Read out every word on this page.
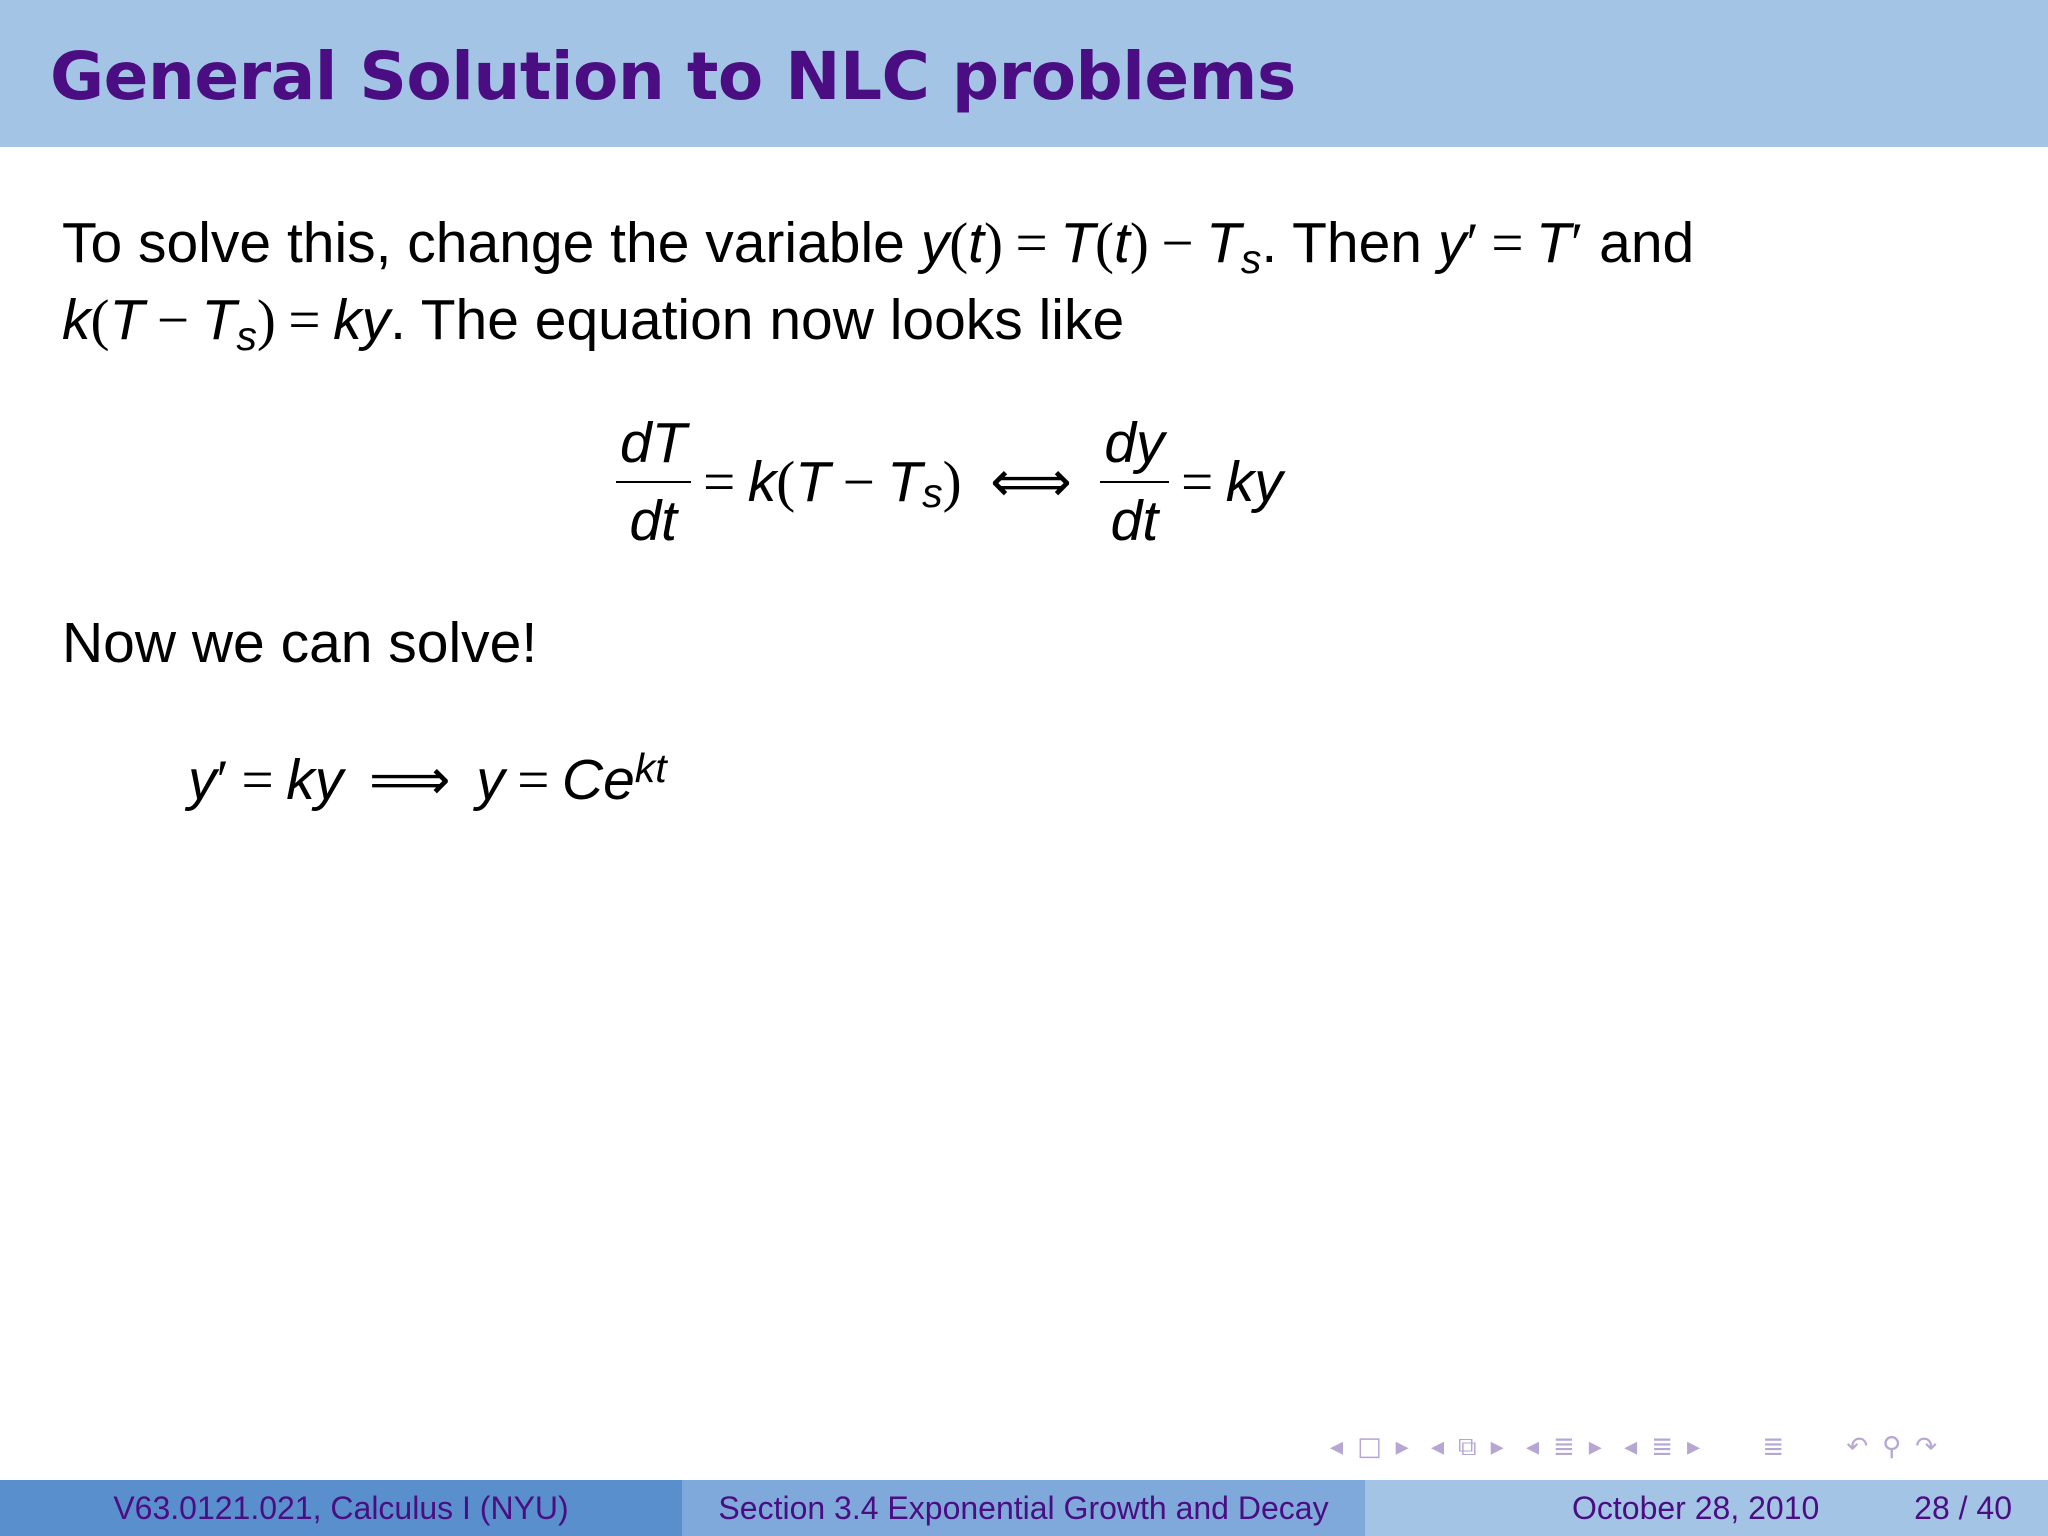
General Solution to NLC problems
To solve this, change the variable $y(t) = T(t) - T_s$. Then y′ = T′ and
$k(T - T_s)$ = ky. The equation now looks like
$\frac{dT}{dt} = k(T - T_s)$ ⟺ $\frac{dy}{dt}$ = ky
Now we can solve!
y′ = ky ⟹ $y = Ce^{kt}$
◂ □ ▸ ◂ ⧉ ▸ ◂ ≣ ▸ ◂ ≣ ▸ ≣ ↶ ⚲ ↷
V63.0121.021, Calculus I (NYU)	Section 3.4 Exponential Growth and Decay	October 28, 2010	28 / 40
